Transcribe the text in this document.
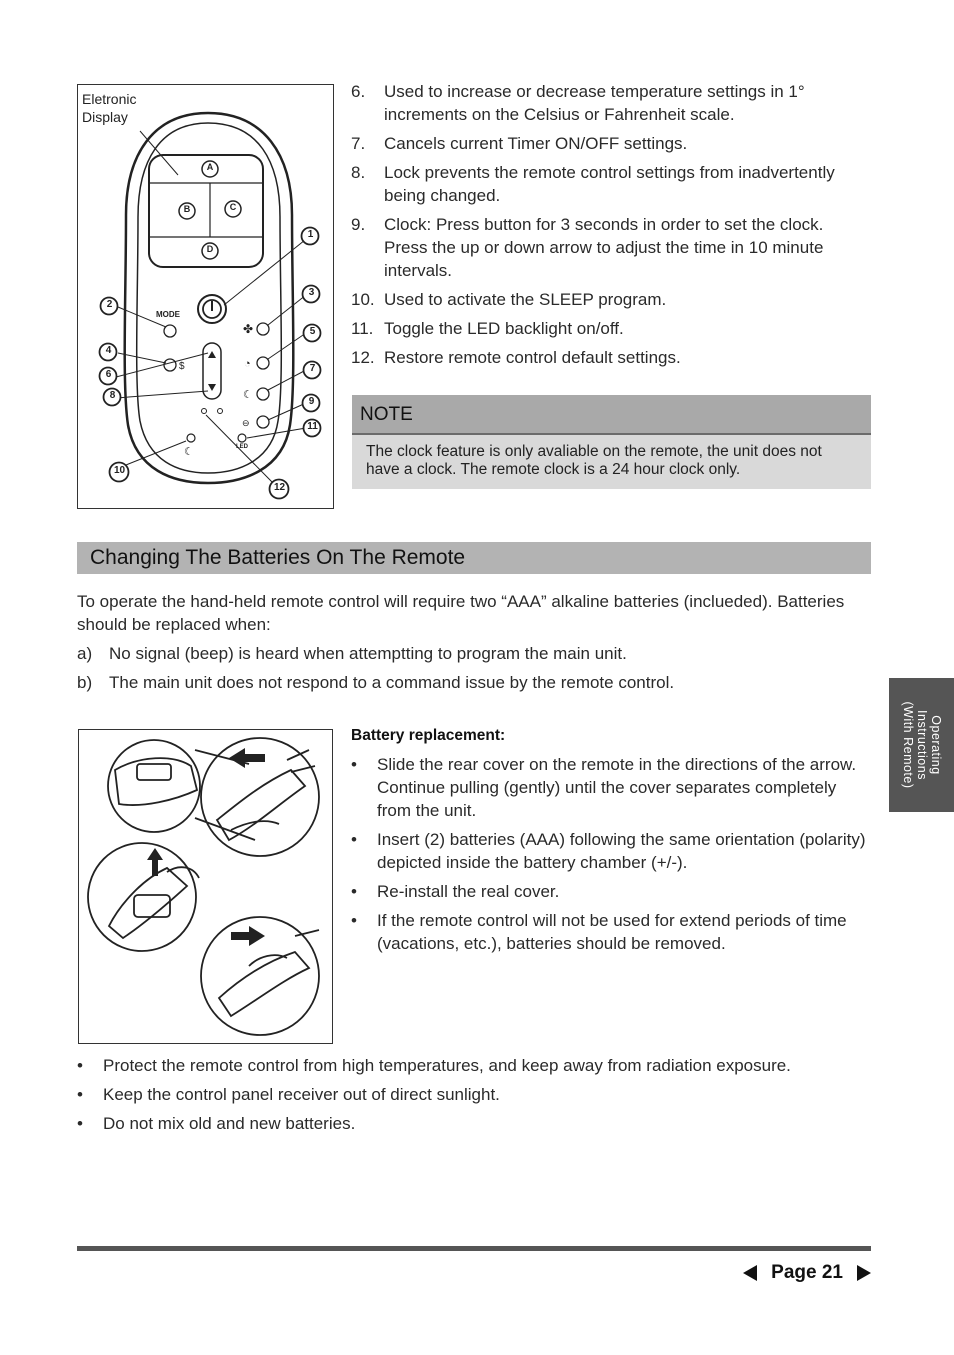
$
✤
◔
☾
⊖
☾
Eletronic
Display
MODE
LED
A
B	C
D
1
2
3
4
5
6
7
8
9
10
11
12
6.	Used to increase or decrease temperature settings in 1° increments on the Celsius or Fahrenheit scale.
7.	Cancels current Timer ON/OFF settings.
8.	Lock prevents the remote control settings from inadvertently being changed.
9.	Clock: Press button for 3 seconds in order to set the clock. Press the up or down arrow to adjust the time in 10 minute intervals.
10. Used to activate the SLEEP program.
11. Toggle the LED backlight on/off.
12. Restore remote control default settings.
NOTE
The clock feature is only avaliable on the remote, the unit does not have a clock. The remote clock is a 24 hour clock only.
Changing The Batteries On The Remote

To operate the hand-held remote control will require two “AAA” alkaline batteries (inclueded). Batteries should be replaced when:

a) No signal (beep) is heard when attemptting to program the main unit.
b) The main unit does not respond to a command issue by the remote control.
Battery replacement:
• Slide the rear cover on the remote in the directions of the arrow. Continue pulling (gently) until the cover separates completely from the unit.
• Insert (2) batteries (AAA) following the same orientation (polarity) depicted inside the battery chamber (+/-).
• Re-install the real cover.
• If the remote control will not be used for extend periods of time (vacations, etc.), batteries should be removed.
• Protect the remote control from high temperatures, and keep away from radiation exposure.
• Keep the control panel receiver out of direct sunlight.
• Do not mix old and new batteries.
Operating
Instructions
(With Remote)
Page 21
